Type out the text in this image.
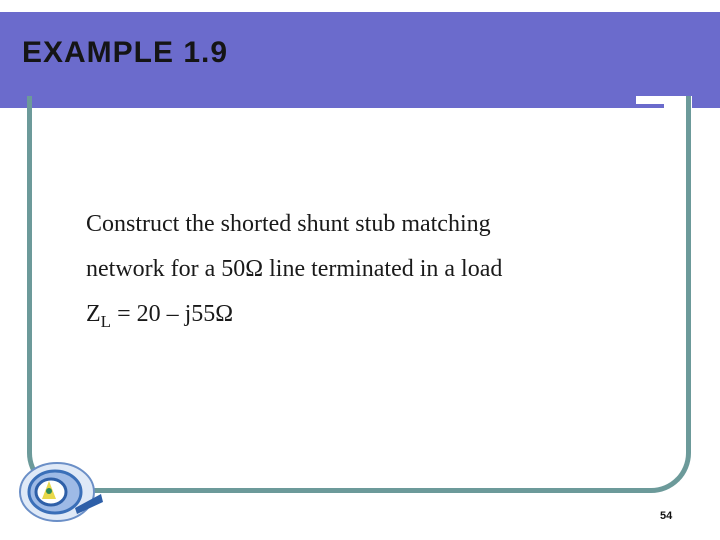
EXAMPLE 1.9

Construct the shorted shunt stub matching

network for a 50Ω line terminated in a load

$Z_L = 20 - j55\Omega$

54
